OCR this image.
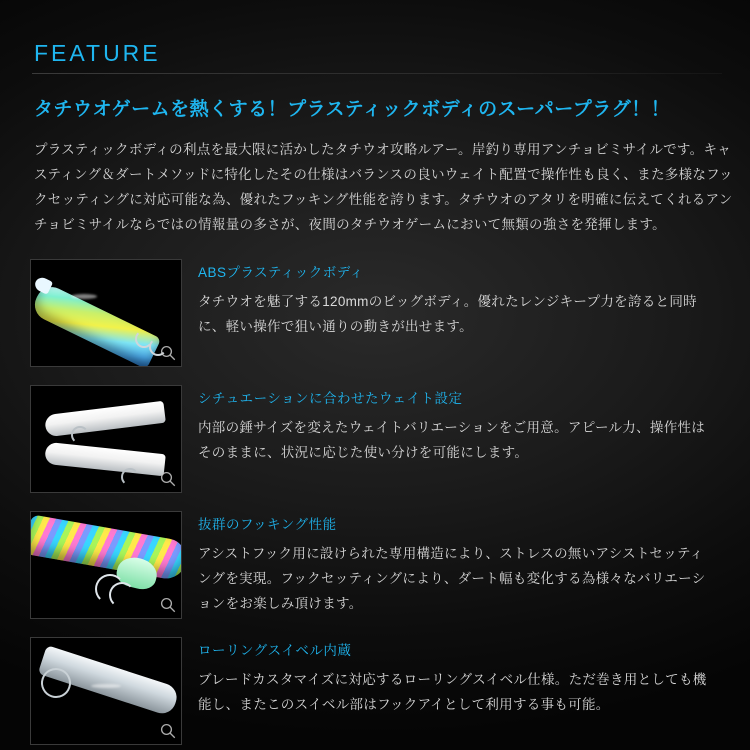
FEATURE
タチウオゲームを熱くする！プラスティックボディのスーパープラグ！！

プラスティックボディの利点を最大限に活かしたタチウオ攻略ルアー。岸釣り専用アンチョビミサイルです。キャスティング＆ダートメソッドに特化したその仕様はバランスの良いウェイト配置で操作性も良く、また多様なフックセッティングに対応可能な為、優れたフッキング性能を誇ります。タチウオのアタリを明確に伝えてくれるアンチョビミサイルならではの情報量の多さが、夜間のタチウオゲームにおいて無類の強さを発揮します。

ABSプラスティックボディ

タチウオを魅了する120mmのビッグボディ。優れたレンジキープ力を誇ると同時に、軽い操作で狙い通りの動きが出せます。

シチュエーションに合わせたウェイト設定

内部の錘サイズを変えたウェイトバリエーションをご用意。アピール力、操作性はそのままに、状況に応じた使い分けを可能にします。

抜群のフッキング性能

アシストフック用に設けられた専用構造により、ストレスの無いアシストセッティングを実現。フックセッティングにより、ダート幅も変化する為様々なバリエーションをお楽しみ頂けます。

ローリングスイベル内蔵

ブレードカスタマイズに対応するローリングスイベル仕様。ただ巻き用としても機能し、またこのスイベル部はフックアイとして利用する事も可能。
